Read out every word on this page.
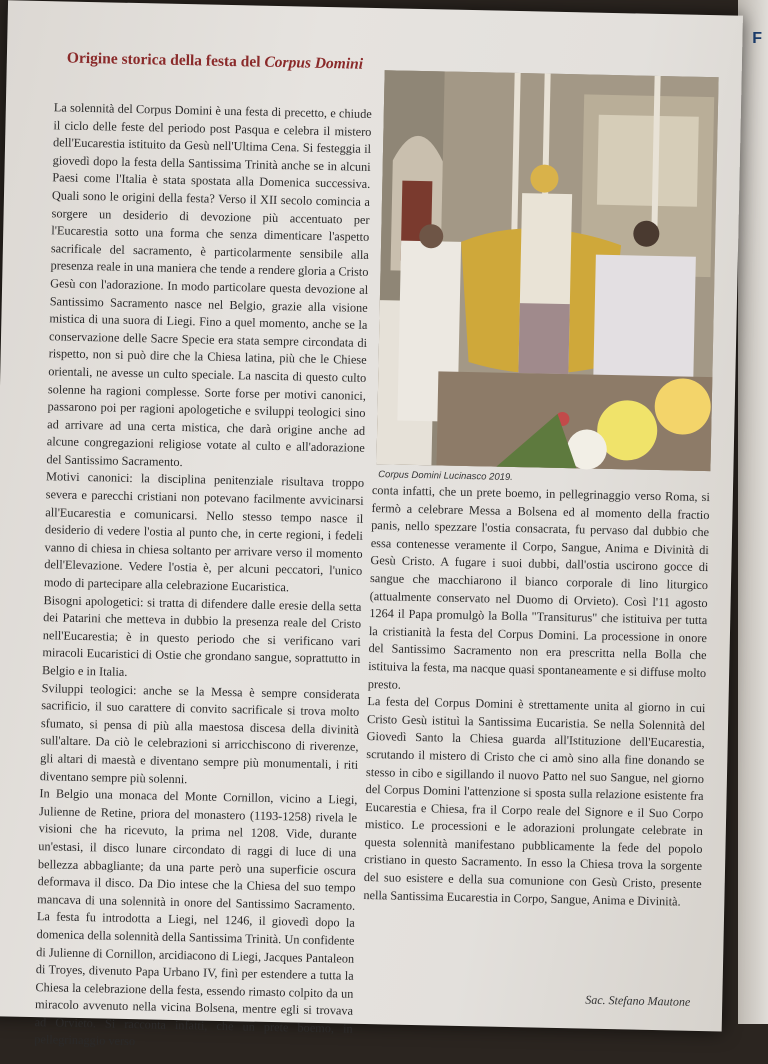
F
Origine storica della festa del Corpus Domini

La solennità del Corpus Domini è una festa di precetto, e chiude il ciclo delle feste del periodo post Pasqua e celebra il mistero dell'Eucarestia istituito da Gesù nell'Ultima Cena. Si festeggia il giovedì dopo la festa della Santissima Trinità anche se in alcuni Paesi come l'Italia è stata spostata alla Domenica successiva. Quali sono le origini della festa? Verso il XII secolo comincia a sorgere un desiderio di devozione più accentuato per l'Eucarestia sotto una forma che senza dimenticare l'aspetto sacrificale del sacramento, è particolarmente sensibile alla presenza reale in una maniera che tende a rendere gloria a Cristo Gesù con l'adorazione. In modo particolare questa devozione al Santissimo Sacramento nasce nel Belgio, grazie alla visione mistica di una suora di Liegi. Fino a quel momento, anche se la conservazione delle Sacre Specie era stata sempre circondata di rispetto, non si può dire che la Chiesa latina, più che le Chiese orientali, ne avesse un culto speciale. La nascita di questo culto solenne ha ragioni complesse. Sorte forse per motivi canonici, passarono poi per ragioni apologetiche e sviluppi teologici sino ad arrivare ad una certa mistica, che darà origine anche ad alcune congregazioni religiose votate al culto e all'adorazione del Santissimo Sacramento.

Motivi canonici: la disciplina penitenziale risultava troppo severa e parecchi cristiani non potevano facilmente avvicinarsi all'Eucarestia e comunicarsi. Nello stesso tempo nasce il desiderio di vedere l'ostia al punto che, in certe regioni, i fedeli vanno di chiesa in chiesa soltanto per arrivare verso il momento dell'Elevazione. Vedere l'ostia è, per alcuni peccatori, l'unico modo di partecipare alla celebrazione Eucaristica.

Bisogni apologetici: si tratta di difendere dalle eresie della setta dei Patarini che metteva in dubbio la presenza reale del Cristo nell'Eucarestia; è in questo periodo che si verificano vari miracoli Eucaristici di Ostie che grondano sangue, soprattutto in Belgio e in Italia.

Sviluppi teologici: anche se la Messa è sempre considerata sacrificio, il suo carattere di convito sacrificale si trova molto sfumato, si pensa di più alla maestosa discesa della divinità sull'altare. Da ciò le celebrazioni si arricchiscono di riverenze, gli altari di maestà e diventano sempre più monumentali, i riti diventano sempre più solenni.

In Belgio una monaca del Monte Cornillon, vicino a Liegi, Julienne de Retine, priora del monastero (1193-1258) rivela le visioni che ha ricevuto, la prima nel 1208. Vide, durante un'estasi, il disco lunare circondato di raggi di luce di una bellezza abbagliante; da una parte però una superficie oscura deformava il disco. Da Dio intese che la Chiesa del suo tempo mancava di una solennità in onore del Santissimo Sacramento. La festa fu introdotta a Liegi, nel 1246, il giovedì dopo la domenica della solennità della Santissima Trinità. Un confidente di Julienne di Cornillon, arcidiacono di Liegi, Jacques Pantaleon di Troyes, divenuto Papa Urbano IV, finì per estendere a tutta la Chiesa la celebrazione della festa, essendo rimasto colpito da un miracolo avvenuto nella vicina Bolsena, mentre egli si trovava ad Orvieto. Si racconta infatti, che un prete boemo, in pellegrinaggio verso

Corpus Domini Lucinasco 2019.

conta infatti, che un prete boemo, in pellegrinaggio verso Roma, si fermò a celebrare Messa a Bolsena ed al momento della fractio panis, nello spezzare l'ostia consacrata, fu pervaso dal dubbio che essa contenesse veramente il Corpo, Sangue, Anima e Divinità di Gesù Cristo. A fugare i suoi dubbi, dall'ostia uscirono gocce di sangue che macchiarono il bianco corporale di lino liturgico (attualmente conservato nel Duomo di Orvieto). Così l'11 agosto 1264 il Papa promulgò la Bolla "Transiturus" che istituiva per tutta la cristianità la festa del Corpus Domini. La processione in onore del Santissimo Sacramento non era prescritta nella Bolla che istituiva la festa, ma nacque quasi spontaneamente e si diffuse molto presto.

La festa del Corpus Domini è strettamente unita al giorno in cui Cristo Gesù istituì la Santissima Eucaristia. Se nella Solennità del Giovedì Santo la Chiesa guarda all'Istituzione dell'Eucarestia, scrutando il mistero di Cristo che ci amò sino alla fine donando se stesso in cibo e sigillando il nuovo Patto nel suo Sangue, nel giorno del Corpus Domini l'attenzione si sposta sulla relazione esistente fra Eucarestia e Chiesa, fra il Corpo reale del Signore e il Suo Corpo mistico. Le processioni e le adorazioni prolungate celebrate in questa solennità manifestano pubblicamente la fede del popolo cristiano in questo Sacramento. In esso la Chiesa trova la sorgente del suo esistere e della sua comunione con Gesù Cristo, presente nella Santissima Eucarestia in Corpo, Sangue, Anima e Divinità.

Sac. Stefano Mautone
